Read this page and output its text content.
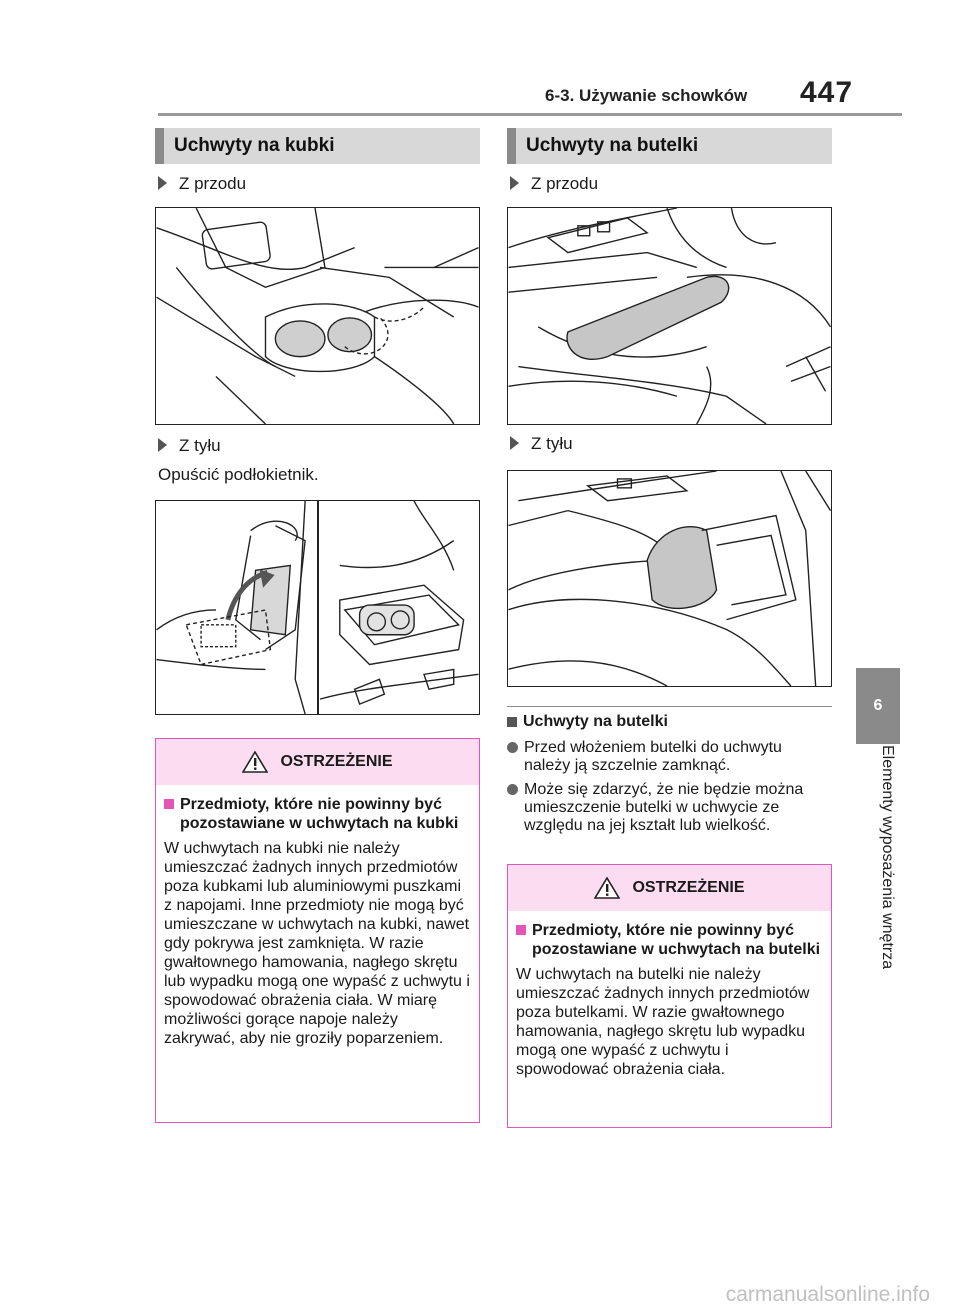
6-3. Używanie schowków 447
6
Elementy wyposażenia wnętrza
Uchwyty na kubki
Z przodu
Z tyłu
Opuścić podłokietnik.
OSTRZEŻENIE
Przedmioty, które nie powinny być pozostawiane w uchwytach na kubki
W uchwytach na kubki nie należy umieszczać żadnych innych przedmiotów poza kubkami lub aluminiowymi puszkami z napojami. Inne przedmioty nie mogą być umieszczane w uchwytach na kubki, nawet gdy pokrywa jest zamknięta. W razie gwałtownego hamowania, nagłego skrętu lub wypadku mogą one wypaść z uchwytu i spowodować obrażenia ciała. W miarę możliwości gorące napoje należy zakrywać, aby nie groziły poparzeniem.
Uchwyty na butelki
Z przodu
Z tyłu
Uchwyty na butelki
Przed włożeniem butelki do uchwytu należy ją szczelnie zamknąć.
Może się zdarzyć, że nie będzie można umieszczenie butelki w uchwycie ze względu na jej kształt lub wielkość.
OSTRZEŻENIE
Przedmioty, które nie powinny być pozostawiane w uchwytach na butelki
W uchwytach na butelki nie należy umieszczać żadnych innych przedmiotów poza butelkami. W razie gwałtownego hamowania, nagłego skrętu lub wypadku mogą one wypaść z uchwytu i spowodować obrażenia ciała.
carmanualsonline.info
